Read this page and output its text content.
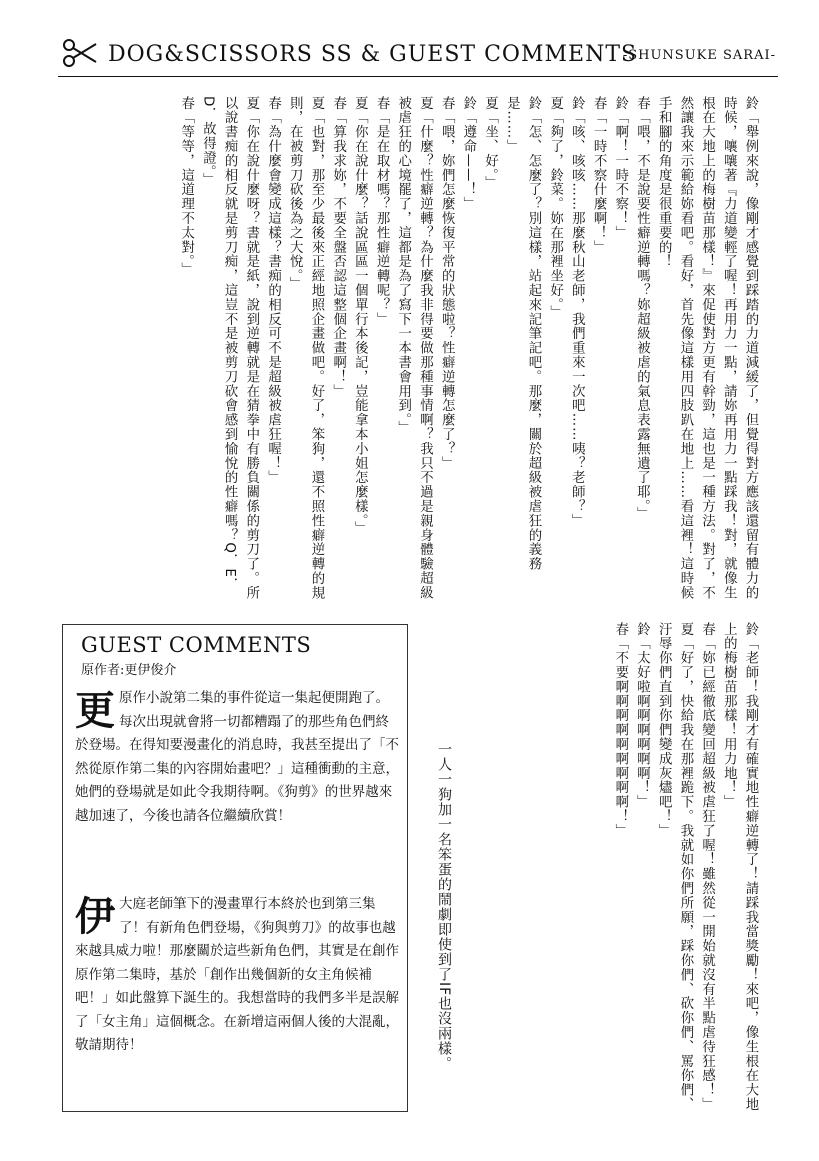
DOG&SCISSORS SS & GUEST COMMENTS
-SHUNSUKE SARAI-

鈴「舉例來說，像剛才感覺到踩踏的力道減緩了，但覺得對方應該還留有體力的時候，嚷嚷著『力道變輕了喔！再用力一點，請妳再用力一點踩我！對，就像生根在大地上的梅樹苗那樣！』來促使對方更有幹勁，這也是一種方法。對了，不然讓我來示範給妳看吧。看好，首先像這樣用四肢趴在地上……看這裡！這時候手和腳的角度是很重要的！

春「喂，不是說要性癖逆轉嗎？妳超級被虐的氣息表露無遺了耶。」

鈴「啊！一時不察！」

春「一時不察什麼啊！」

鈴「咳、咳咳……那麼秋山老師，我們重來一次吧……咦？老師？」

夏「夠了，鈴菜。妳在那裡坐好。」

鈴「怎、怎麼了？別這樣，站起來記筆記吧。那麼，關於超級被虐狂的義務是……」

夏「坐、好。」

鈴「遵命——！」

春「喂，妳們怎麼恢復平常的狀態啦？性癖逆轉怎麼了？」

夏「什麼？性癖逆轉？為什麼我非得要做那種事情啊？我只不過是親身體驗超級被虐狂的心境罷了，這都是為了寫下一本書會用到。」

春「是在取材嗎？那性癖逆轉呢？」

夏「你在說什麼？話說區區一個單行本後記，豈能拿本小姐怎麼樣。」

春「算我求妳，不要全盤否認這整個企畫啊！」

夏「也對，那至少最後來正經地照企畫做吧。好了，笨狗，還不照性癖逆轉的規則，在被剪刀砍後為之大悅。」

春「為什麼會變成這樣？書痴的相反可不是超級被虐狂喔！」

夏「你在說什麼呀？書就是紙，說到逆轉就是在猜拳中有勝負關係的剪刀了。所以說書痴的相反就是剪刀痴，這豈不是被剪刀砍會感到愉悅的性癖嗎？Q．E．D．故得證。」

春「等等，這道理不太對。」

鈴「老師！我剛才有確實地性癖逆轉了！請踩我當獎勵！來吧，像生根在大地上的梅樹苗那樣！用力地！」

春「妳已經徹底變回超級被虐狂了喔！雖然從一開始就沒有半點虐待狂感！」

夏「好了，快給我在那裡跪下。我就如你們所願，踩你們、砍你們、罵你們、汙辱你們直到你們變成灰燼吧！」

鈴「太好啦啊啊啊啊啊啊！」

春「不要啊啊啊啊啊啊啊啊啊！」

一人一狗加一名笨蛋的鬧劇即使到了IF也沒兩樣。
GUEST COMMENTS
原作者:更伊俊介
更原作小說第二集的事件從這一集起便開跑了。每次出現就會將一切都糟蹋了的那些角色們終於登場。在得知要漫畫化的消息時，我甚至提出了「不然從原作第二集的內容開始畫吧？」這種衝動的主意，她們的登場就是如此令我期待啊。《狗剪》的世界越來越加速了，今後也請各位繼續欣賞！
伊大庭老師筆下的漫畫單行本終於也到第三集了！有新角色們登場，《狗與剪刀》的故事也越來越具威力啦！那麼關於這些新角色們，其實是在創作原作第二集時，基於「創作出幾個新的女主角候補吧！」如此盤算下誕生的。我想當時的我們多半是誤解了「女主角」這個概念。在新增這兩個人後的大混亂，敬請期待！
